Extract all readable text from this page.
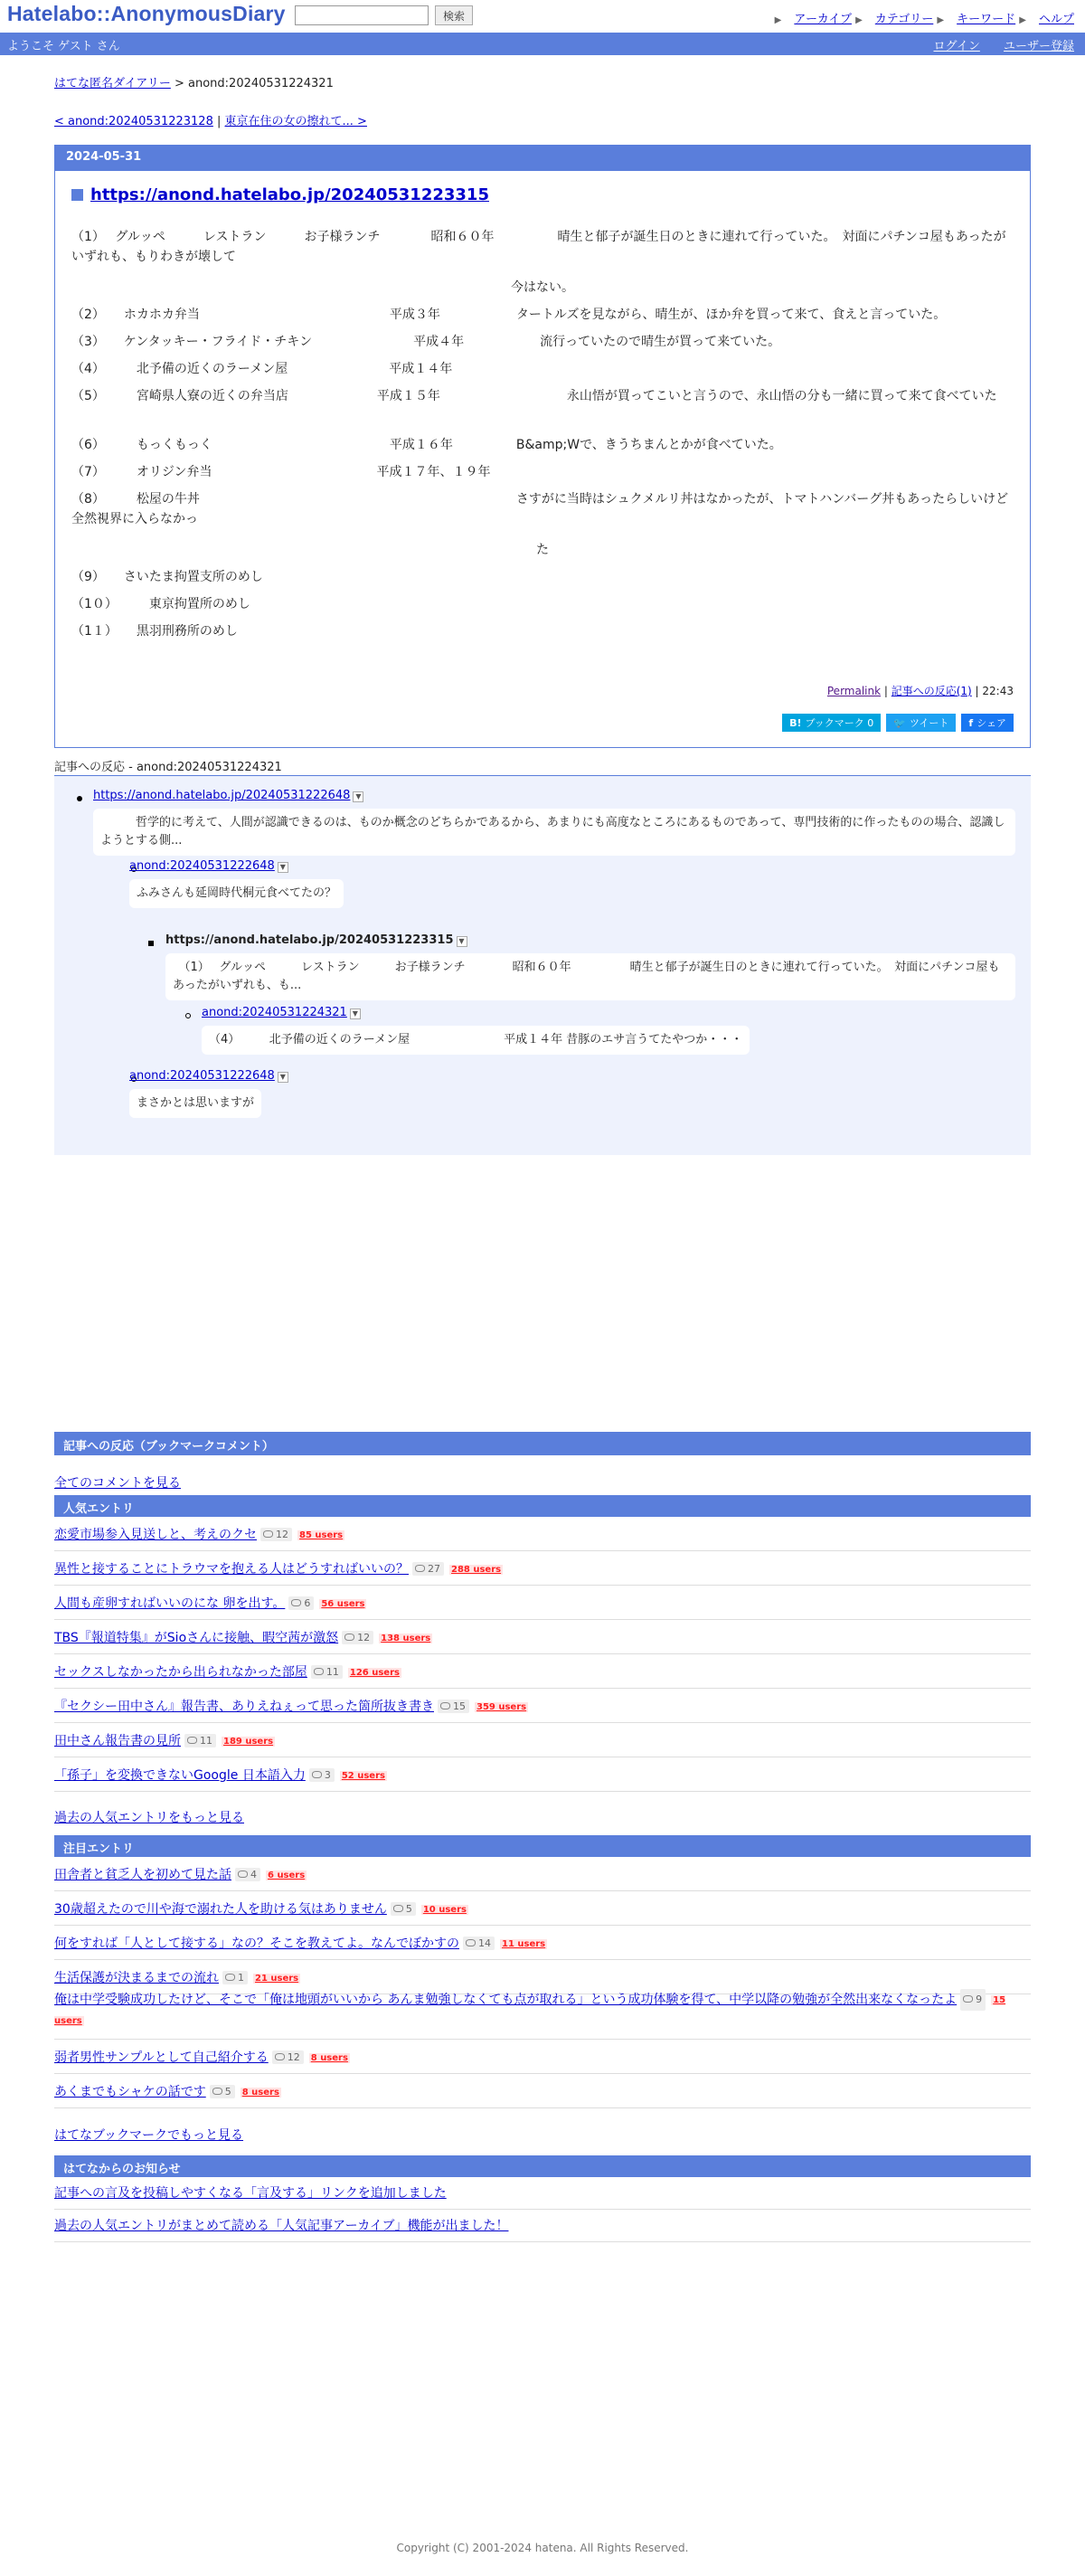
Hatelabo::AnonymousDiary	検索	▶ アーカイブ ▶ カテゴリー ▶ キーワード ▶ ヘルプ
ようこそ ゲスト さん	ログイン ユーザー登録
はてな匿名ダイアリー > anond:20240531224321
< anond:20240531223128 | 東京在住の女の擦れて... >
2024-05-31
https://anond.hatelabo.jp/20240531223315
（1）　 グルッペ　　　レストラン　　　お子様ランチ　　　　昭和６０年　　　　　晴生と郁子が誕生日のときに連れて行っていた。　対面にパチンコ屋もあったがいずれも、もりわきが壊して
今はない。
（2）　　ホカホカ弁当　　　　　　　　　　　　　　　平成３年　　　　　　タートルズを見ながら、晴生が、ほか弁を買って来て、食えと言っていた。
（3）　　ケンタッキー・フライド・チキン　　　　　　　　平成４年　　　　　　流行っていたので晴生が買って来ていた。
（4）　　　北予備の近くのラーメン屋　　　　　　　　平成１４年
（5）　　　宮崎県人寮の近くの弁当店　　　　　　　平成１５年　　　　　　　　　　永山悟が買ってこいと言うので、永山悟の分も一緒に買って来て食べていた
（6）　　　もっくもっく　　　　　　　　　　　　　　平成１６年　　　　　B&amp;Wで、きうちまんとかが食べていた。
（7）　　　オリジン弁当　　　　　　　　　　　　　平成１７年、１９年
（8）　　　松屋の牛丼　　　　　　　　　　　　　　　　　　　　　　　　　さすがに当時はシュクメルリ丼はなかったが、トマトハンバーグ丼もあったらしいけど全然視界に入らなかっ
た
（9）　　さいたま拘置支所のめし
（1０）　　　東京拘置所のめし
（1１）　　黒羽刑務所のめし
Permalink | 記事への反応(1) | 22:43
B! ブックマーク 0 🐦 ツイート f シェア
記事への反応 - anond:20240531224321
https://anond.hatelabo.jp/20240531222648 ▼
　　　哲学的に考えて、人間が認識できるのは、ものか概念のどちらかであるから、あまりにも高度なところにあるものであって、専門技術的に作ったものの場合、認識しようとする側...
anond:20240531222648 ▼
ふみさんも延岡時代桐元食べてたの？
https://anond.hatelabo.jp/20240531223315 ▼
　（1）　 グルッペ　　　レストラン　　　お子様ランチ　　　　昭和６０年　　　　　晴生と郁子が誕生日のときに連れて行っていた。　対面にパチンコ屋もあったがいずれも、も...
anond:20240531224321 ▼
（4）　　　北予備の近くのラーメン屋　　　　　　　　平成１４年 昔豚のエサ言うてたやつか・・・
anond:20240531222648 ▼
まさかとは思いますが
記事への反応（ブックマークコメント）
全てのコメントを見る
人気エントリ
恋愛市場参入見送しと、考えのクセ 12 85 users
異性と接することにトラウマを抱える人はどうすればいいの？ 27 288 users
人間も産卵すればいいのにな 卵を出す。 6 56 users
TBS『報道特集』がSioさんに接触、暇空茜が激怒 12 138 users
セックスしなかったから出られなかった部屋 11 126 users
『セクシー田中さん』報告書、ありえねぇって思った箇所抜き書き 15 359 users
田中さん報告書の見所 11 189 users
「孫子」を変換できないGoogle 日本語入力 3 52 users
過去の人気エントリをもっと見る
注目エントリ
田舎者と貧乏人を初めて見た話 4 6 users
30歳超えたので川や海で溺れた人を助ける気はありません 5 10 users
何をすれば「人として接する」なの？そこを教えてよ。なんでぼかすの 14 11 users
生活保護が決まるまでの流れ 1 21 users
俺は中学受験成功したけど、そこで「俺は地頭がいいから あんま勉強しなくても点が取れる」という成功体験を得て、中学以降の勉強が全然出来なくなったよ 9 15 users
弱者男性サンプルとして自己紹介する 12 8 users
あくまでもシャケの話です 5 8 users
はてなブックマークでもっと見る
はてなからのお知らせ
記事への言及を投稿しやすくなる「言及する」リンクを追加しました
過去の人気エントリがまとめて読める「人気記事アーカイブ」機能が出ました！
Copyright (C) 2001-2024 hatena. All Rights Reserved.
